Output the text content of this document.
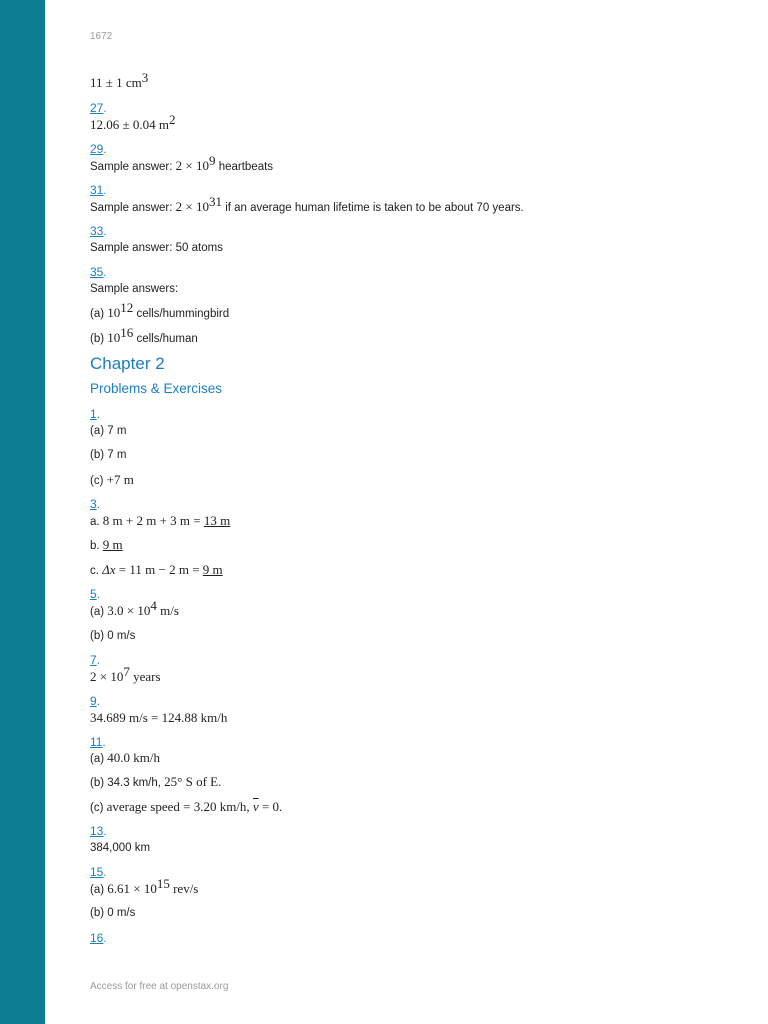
1672
11 ± 1 $cm^3$
27.
12.06 ± 0.04 $m^2$
29.
Sample answer: $2 \times 10^9$ heartbeats
31.
Sample answer: $2 \times 10^{31}$ if an average human lifetime is taken to be about 70 years.
33.
Sample answer: 50 atoms
35.
Sample answers:
(a) $10^{12}$ cells/hummingbird
(b) $10^{16}$ cells/human
Chapter 2
Problems & Exercises
1.
(a) 7 m
(b) 7 m
(c) +7 m
3.
a. 8 m + 2 m + 3 m = 13 m
b. 9 m
c. Δx = 11 m − 2 m = 9 m
5.
(a) $3.0 \times 10^4$ m/s
(b) 0 m/s
7.
$2 \times 10^7$ years
9.
34.689 m/s = 124.88 km/h
11.
(a) 40.0 km/h
(b) 34.3 km/h, 25° S of E.
(c) average speed = 3.20 km/h, $\overline{v} = 0$.
13.
384,000 km
15.
(a) $6.61 \times 10^{15}$ rev/s
(b) 0 m/s
16.
Access for free at openstax.org
